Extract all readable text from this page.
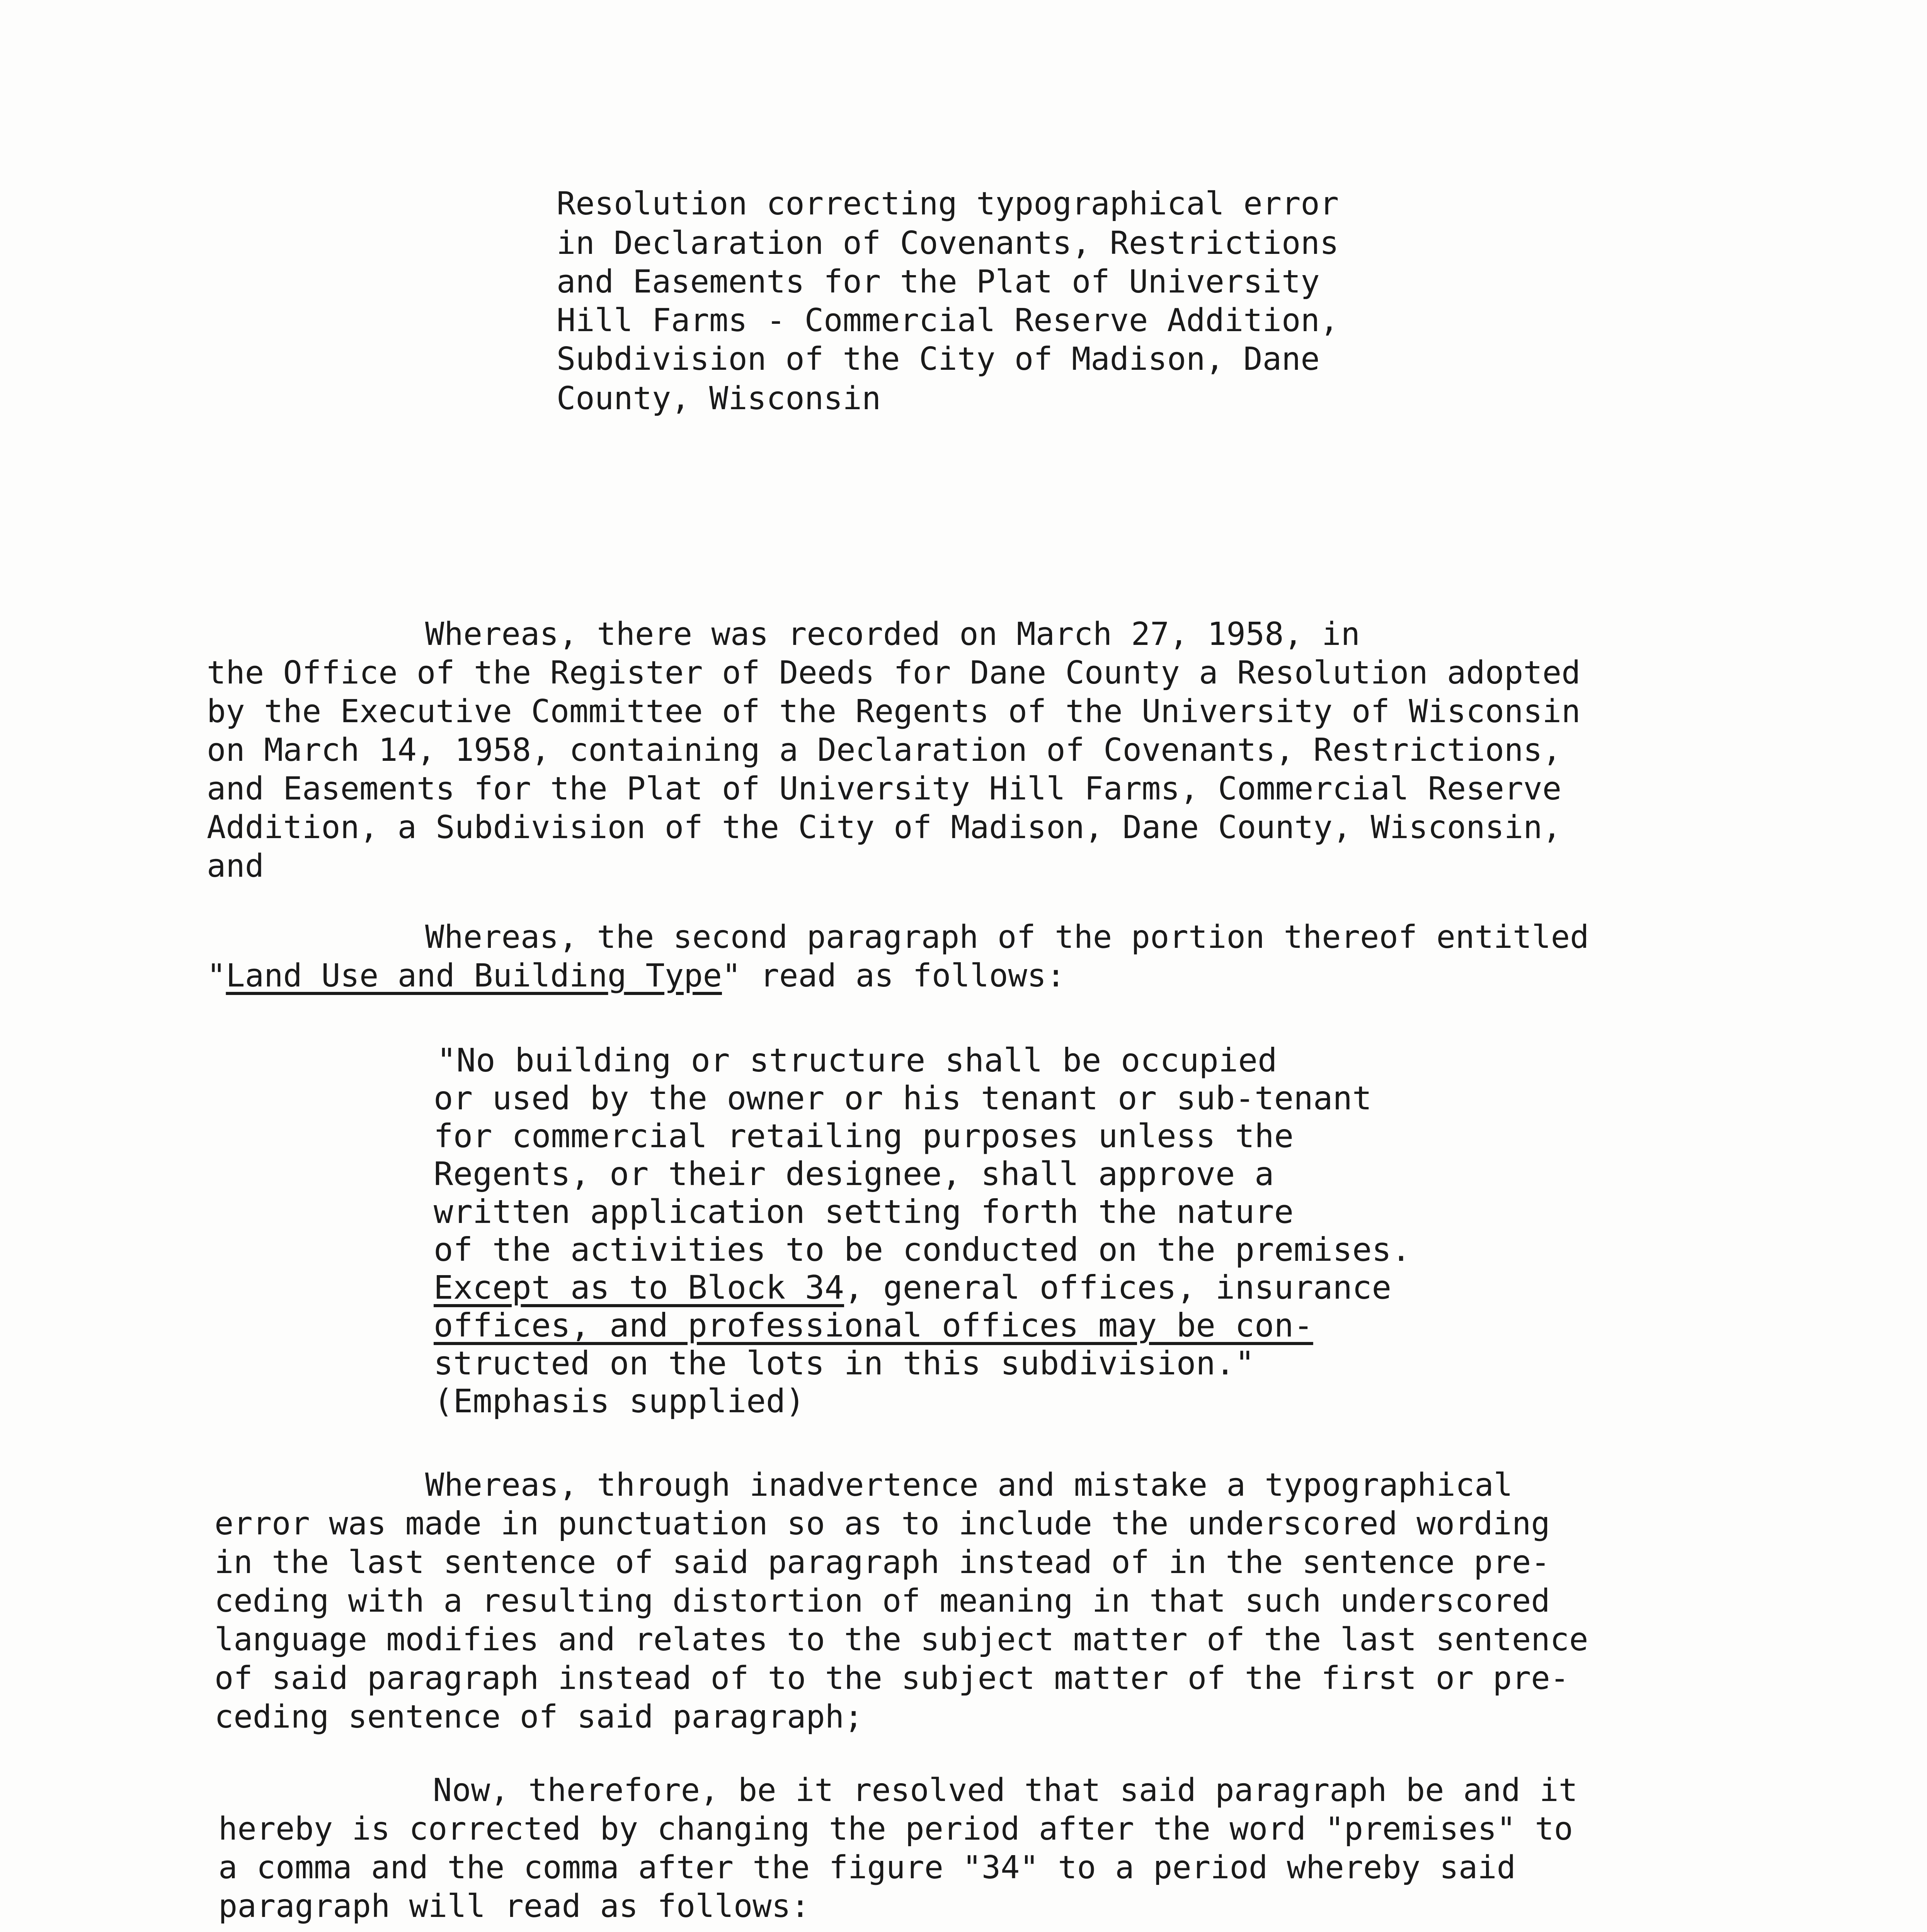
Resolution correcting typographical error
in Declaration of Covenants, Restrictions
and Easements for the Plat of University
Hill Farms - Commercial Reserve Addition,
Subdivision of the City of Madison, Dane
County, Wisconsin
Whereas, there was recorded on March 27, 1958, in
the Office of the Register of Deeds for Dane County a Resolution adopted
by the Executive Committee of the Regents of the University of Wisconsin
on March 14, 1958, containing a Declaration of Covenants, Restrictions,
and Easements for the Plat of University Hill Farms, Commercial Reserve
Addition, a Subdivision of the City of Madison, Dane County, Wisconsin,
and
Whereas, the second paragraph of the portion thereof entitled
"Land Use and Building Type" read as follows:
"No building or structure shall be occupied
or used by the owner or his tenant or sub-tenant
for commercial retailing purposes unless the
Regents, or their designee, shall approve a
written application setting forth the nature
of the activities to be conducted on the premises.
Except as to Block 34, general offices, insurance
offices, and professional offices may be con-
structed on the lots in this subdivision."
(Emphasis supplied)
Whereas, through inadvertence and mistake a typographical
error was made in punctuation so as to include the underscored wording
in the last sentence of said paragraph instead of in the sentence pre-
ceding with a resulting distortion of meaning in that such underscored
language modifies and relates to the subject matter of the last sentence
of said paragraph instead of to the subject matter of the first or pre-
ceding sentence of said paragraph;
Now, therefore, be it resolved that said paragraph be and it
hereby is corrected by changing the period after the word "premises" to
a comma and the comma after the figure "34" to a period whereby said
paragraph will read as follows:
